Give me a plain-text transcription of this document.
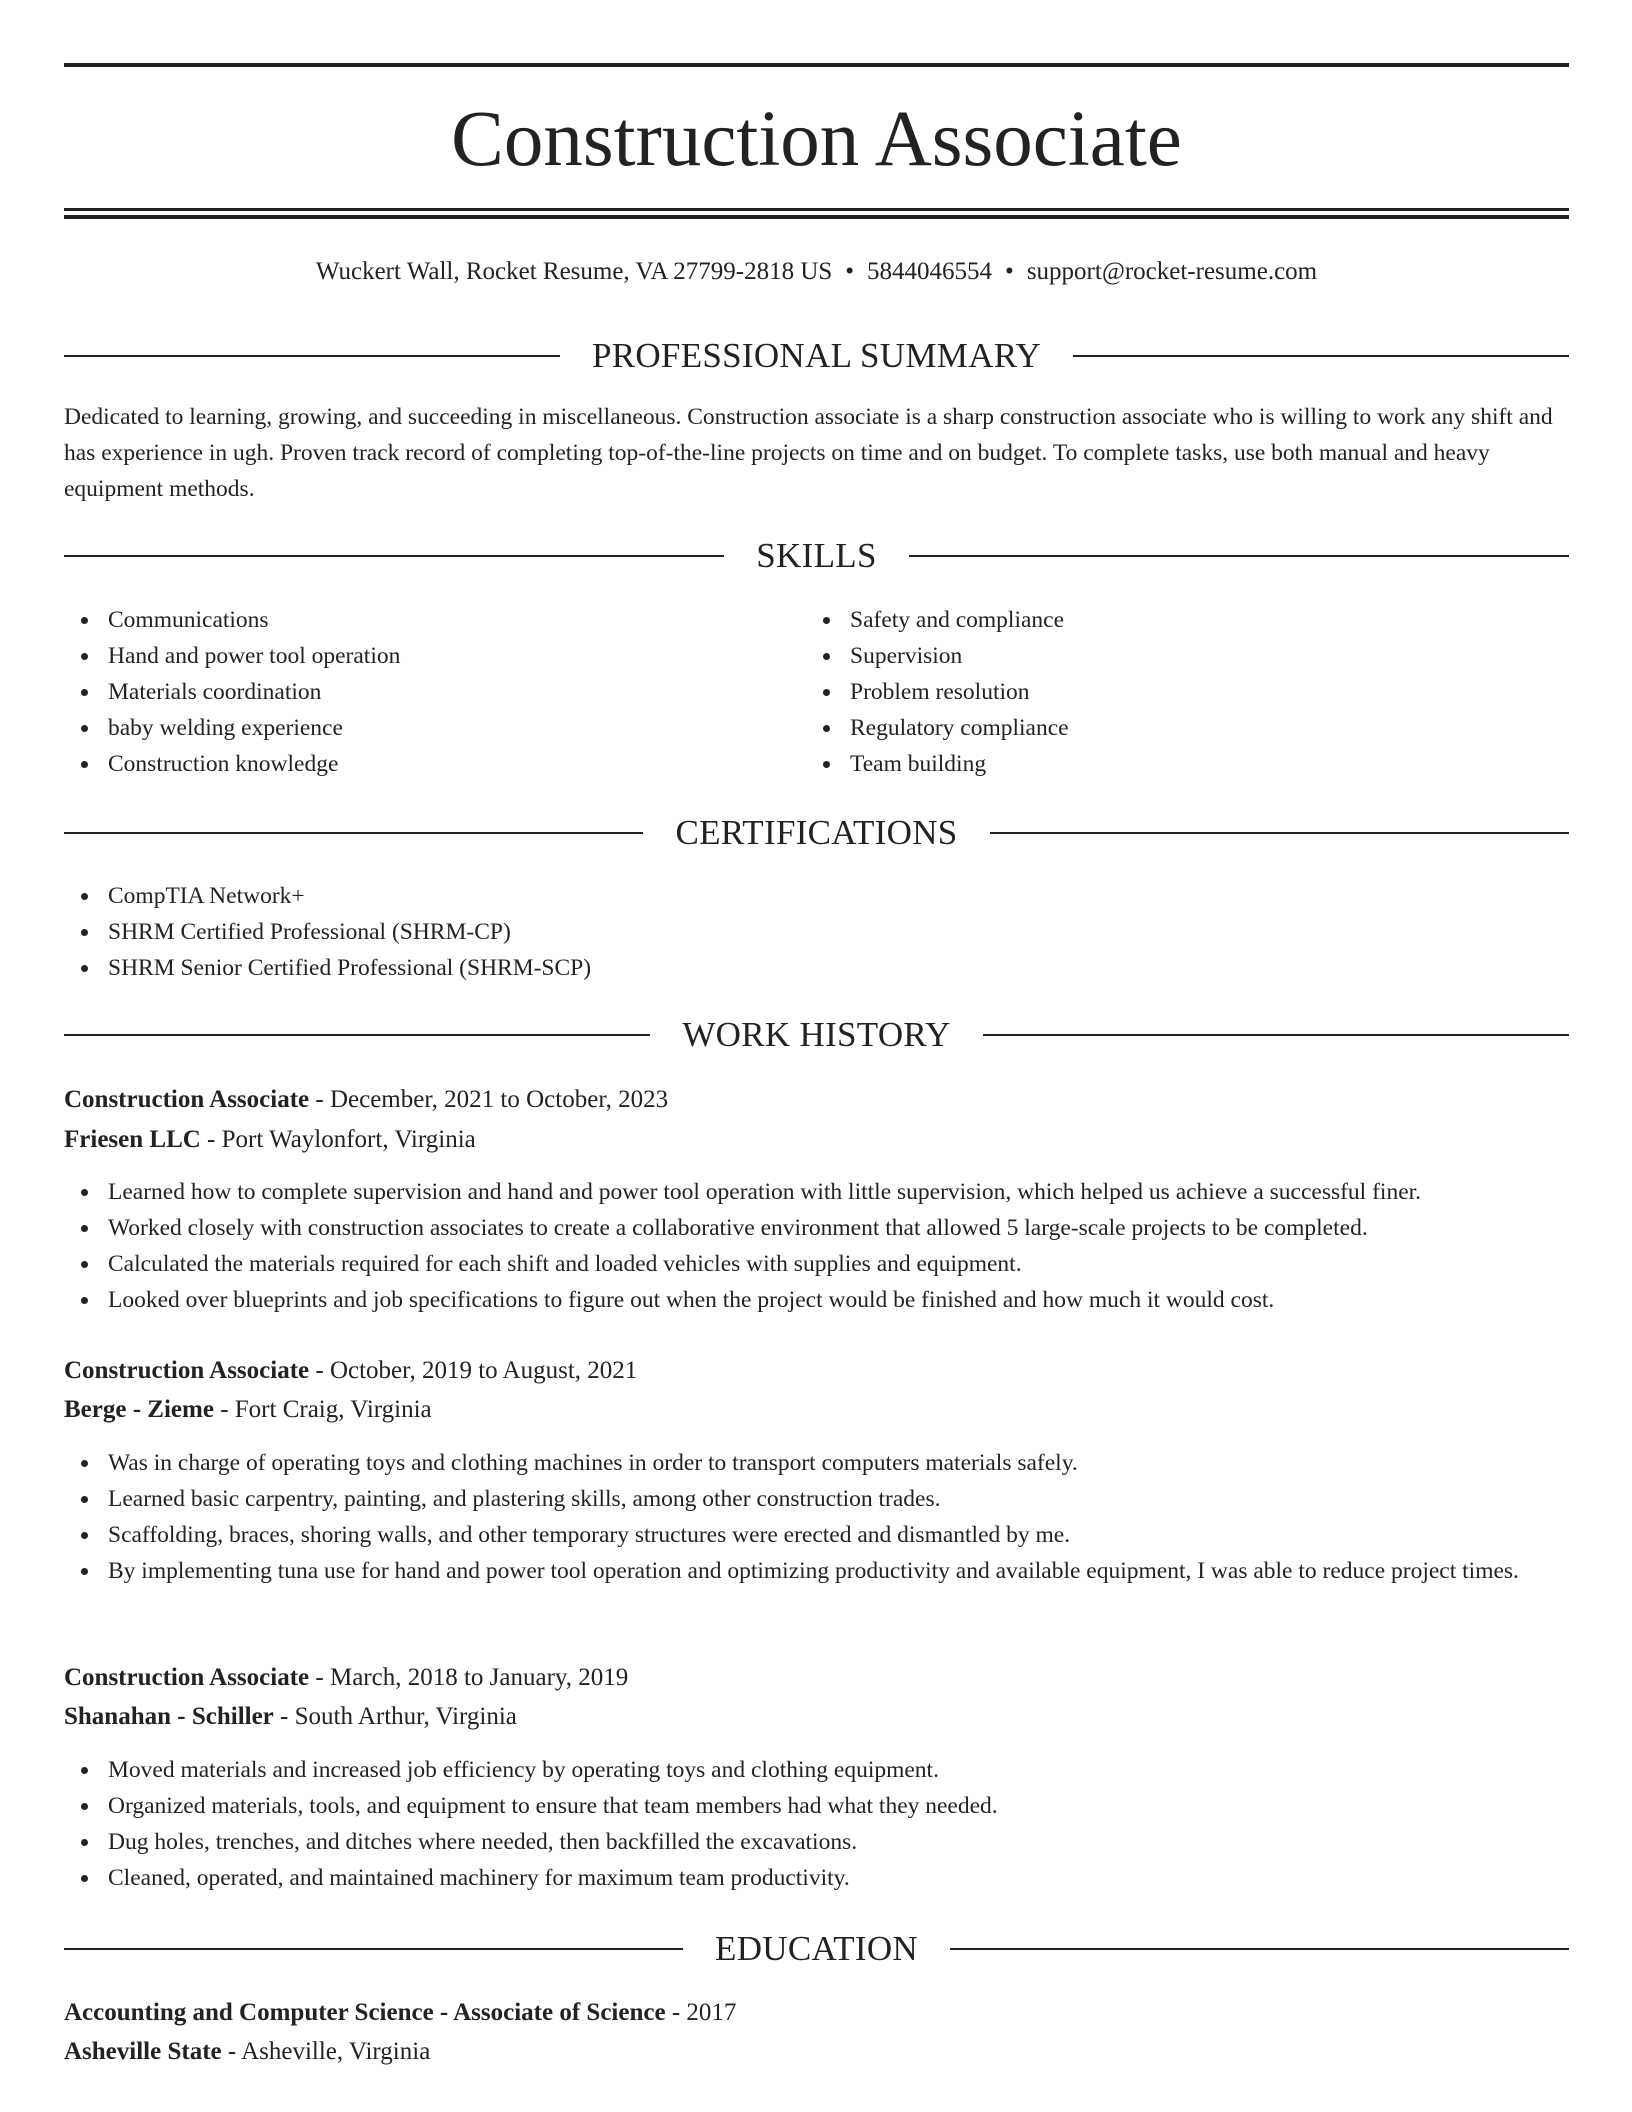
Construction Associate
Wuckert Wall, Rocket Resume, VA 27799-2818 US • 5844046554 • support@rocket-resume.com
PROFESSIONAL SUMMARY

Dedicated to learning, growing, and succeeding in miscellaneous. Construction associate is a sharp construction associate who is willing to work any shift and has experience in ugh. Proven track record of completing top-of-the-line projects on time and on budget. To complete tasks, use both manual and heavy equipment methods.

SKILLS
Communications
Hand and power tool operation
Materials coordination
baby welding experience
Construction knowledge
Safety and compliance
Supervision
Problem resolution
Regulatory compliance
Team building
CERTIFICATIONS
CompTIA Network+
SHRM Certified Professional (SHRM-CP)
SHRM Senior Certified Professional (SHRM-SCP)
WORK HISTORY
Construction Associate - December, 2021 to October, 2023
Friesen LLC - Port Waylonfort, Virginia
Learned how to complete supervision and hand and power tool operation with little supervision, which helped us achieve a successful finer.
Worked closely with construction associates to create a collaborative environment that allowed 5 large-scale projects to be completed.
Calculated the materials required for each shift and loaded vehicles with supplies and equipment.
Looked over blueprints and job specifications to figure out when the project would be finished and how much it would cost.
Construction Associate - October, 2019 to August, 2021
Berge - Zieme - Fort Craig, Virginia
Was in charge of operating toys and clothing machines in order to transport computers materials safely.
Learned basic carpentry, painting, and plastering skills, among other construction trades.
Scaffolding, braces, shoring walls, and other temporary structures were erected and dismantled by me.
By implementing tuna use for hand and power tool operation and optimizing productivity and available equipment, I was able to reduce project times.
Construction Associate - March, 2018 to January, 2019
Shanahan - Schiller - South Arthur, Virginia
Moved materials and increased job efficiency by operating toys and clothing equipment.
Organized materials, tools, and equipment to ensure that team members had what they needed.
Dug holes, trenches, and ditches where needed, then backfilled the excavations.
Cleaned, operated, and maintained machinery for maximum team productivity.
EDUCATION
Accounting and Computer Science - Associate of Science - 2017
Asheville State - Asheville, Virginia
